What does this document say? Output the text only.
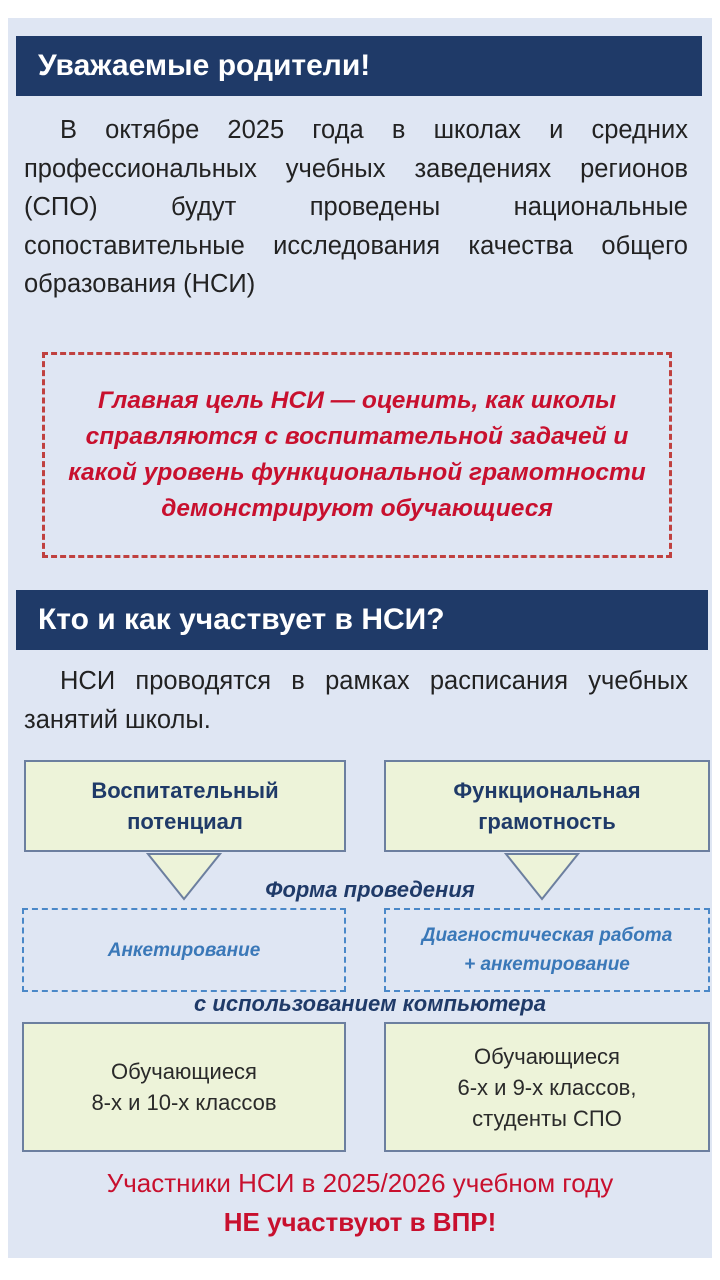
Уважаемые родители!
В октябре 2025 года в школах и средних профессиональных учебных заведениях регионов (СПО) будут проведены национальные сопоставительные исследования качества общего образования (НСИ)
Главная цель НСИ — оценить, как школы справляются с воспитательной задачей и какой уровень функциональной грамотности демонстрируют обучающиеся
Кто и как участвует в НСИ?
НСИ проводятся в рамках расписания учебных занятий школы.
Воспитательный
потенциал
Функциональная
грамотность
Форма проведения
Анкетирование
Диагностическая работа
+ анкетирование
с использованием компьютера
Обучающиеся
8-х и 10-х классов
Обучающиеся
6-х и 9-х классов,
студенты СПО
Участники НСИ в 2025/2026 учебном году
НЕ участвуют в ВПР!
